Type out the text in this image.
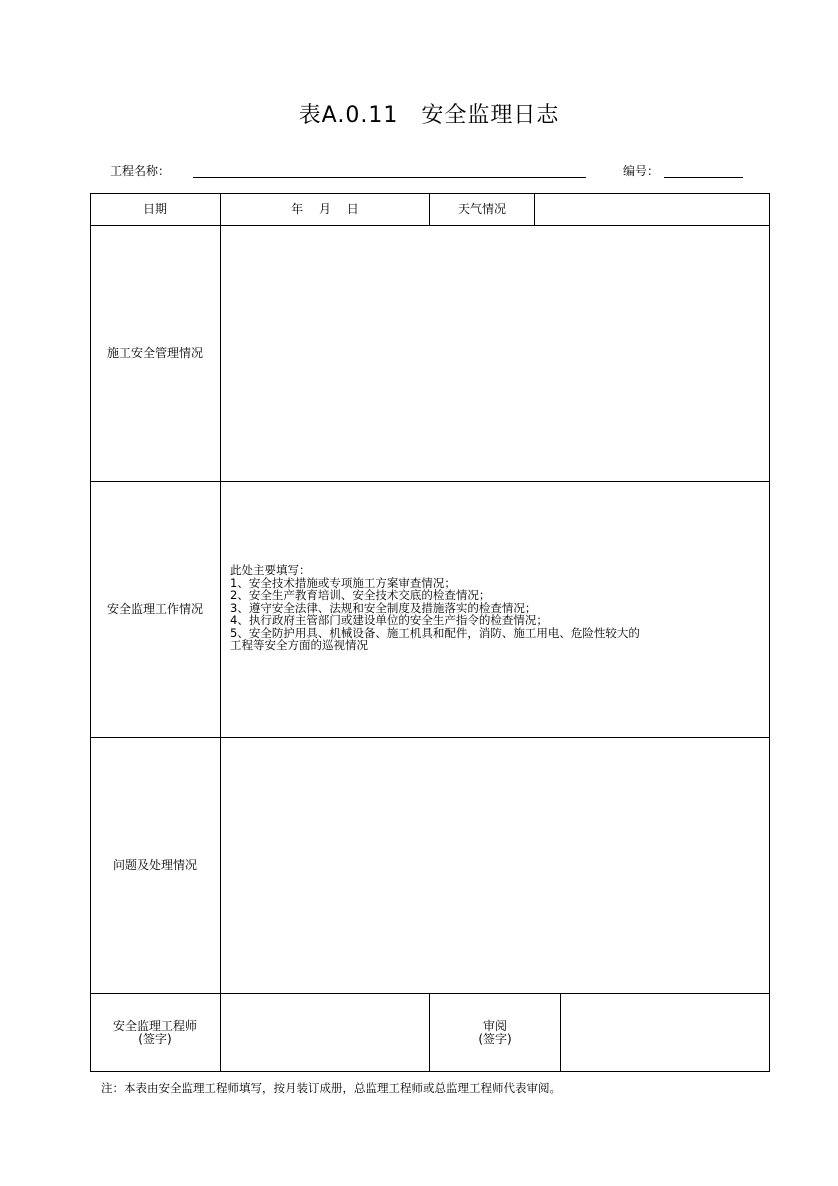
表A.0.11　安全监理日志
工程名称：	编号：
日期	年　 月　 日	天气情况
施工安全管理情况
安全监理工作情况
此处主要填写：
1、安全技术措施或专项施工方案审查情况；
2、安全生产教育培训、安全技术交底的检查情况；
3、遵守安全法律、法规和安全制度及措施落实的检查情况；
4、执行政府主管部门或建设单位的安全生产指令的检查情况；
5、安全防护用具、机械设备、施工机具和配件，消防、施工用电、危险性较大的
工程等安全方面的巡视情况
问题及处理情况
安全监理工程师
(签字)
审阅
(签字)
注：本表由安全监理工程师填写，按月装订成册，总监理工程师或总监理工程师代表审阅。
